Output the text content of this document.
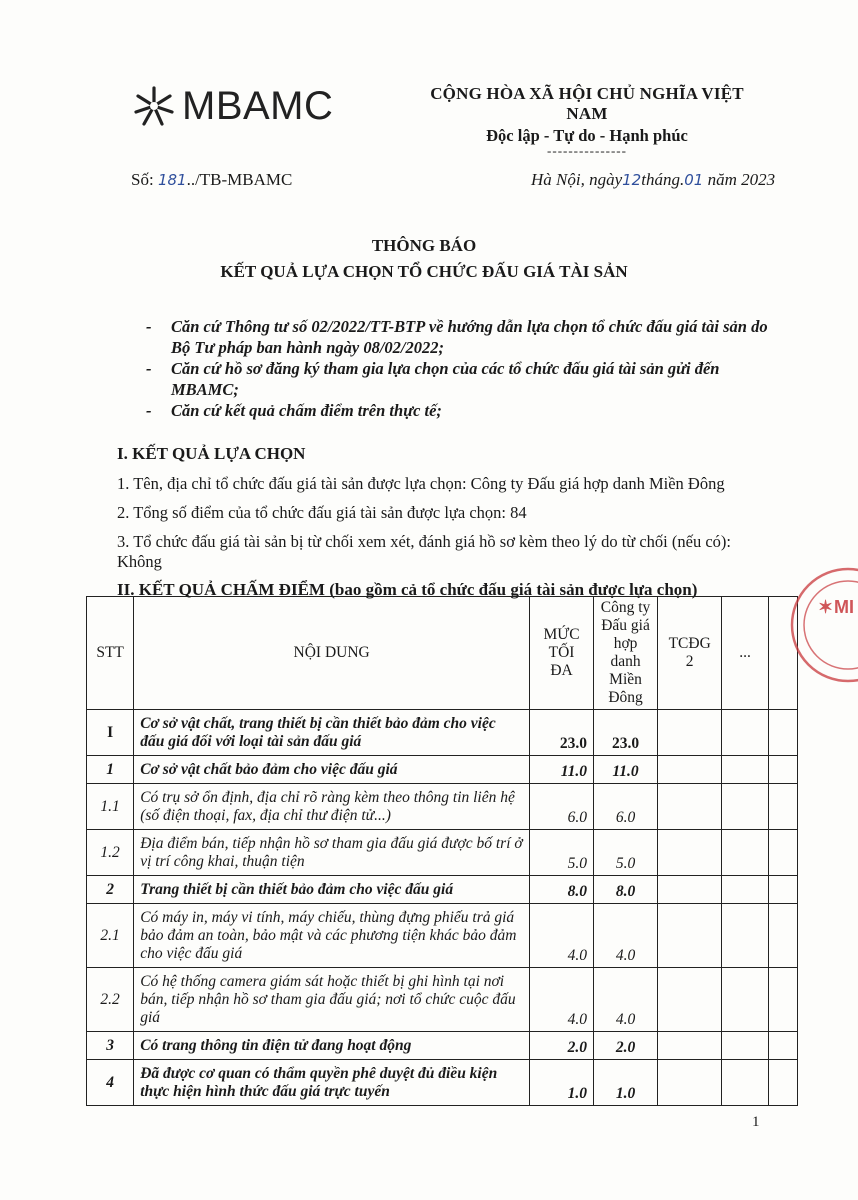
MBAMC	CỘNG HÒA XÃ HỘI CHỦ NGHĨA VIỆT NAM
Độc lập - Tự do - Hạnh phúc
---------------
Số: 181../TB-MBAMC	Hà Nội, ngày12tháng.01 năm 2023
THÔNG BÁO
KẾT QUẢ LỰA CHỌN TỔ CHỨC ĐẤU GIÁ TÀI SẢN
-	Căn cứ Thông tư số 02/2022/TT-BTP về hướng dẫn lựa chọn tổ chức đấu giá tài sản do Bộ Tư pháp ban hành ngày 08/02/2022;
-	Căn cứ hồ sơ đăng ký tham gia lựa chọn của các tổ chức đấu giá tài sản gửi đến MBAMC;
-	Căn cứ kết quả chấm điểm trên thực tế;
I. KẾT QUẢ LỰA CHỌN
1. Tên, địa chỉ tổ chức đấu giá tài sản được lựa chọn: Công ty Đấu giá hợp danh Miền Đông
2. Tổng số điểm của tổ chức đấu giá tài sản được lựa chọn: 84
3. Tổ chức đấu giá tài sản bị từ chối xem xét, đánh giá hồ sơ kèm theo lý do từ chối (nếu có): Không
II. KẾT QUẢ CHẤM ĐIỂM (bao gồm cả tổ chức đấu giá tài sản được lựa chọn)
STT	NỘI DUNG	MỨC TỐI ĐA	Công ty Đấu giá hợp danh Miền Đông	TCĐG 2	...	
I	Cơ sở vật chất, trang thiết bị cần thiết bảo đảm cho việc đấu giá đối với loại tài sản đấu giá	23.0	23.0			
1	Cơ sở vật chất bảo đảm cho việc đấu giá	11.0	11.0			
1.1	Có trụ sở ổn định, địa chỉ rõ ràng kèm theo thông tin liên hệ (số điện thoại, fax, địa chỉ thư điện tử...)	6.0	6.0			
1.2	Địa điểm bán, tiếp nhận hồ sơ tham gia đấu giá được bố trí ở vị trí công khai, thuận tiện	5.0	5.0			
2	Trang thiết bị cần thiết bảo đảm cho việc đấu giá	8.0	8.0			
2.1	Có máy in, máy vi tính, máy chiếu, thùng đựng phiếu trả giá bảo đảm an toàn, bảo mật và các phương tiện khác bảo đảm cho việc đấu giá	4.0	4.0			
2.2	Có hệ thống camera giám sát hoặc thiết bị ghi hình tại nơi bán, tiếp nhận hồ sơ tham gia đấu giá; nơi tổ chức cuộc đấu giá	4.0	4.0			
3	Có trang thông tin điện tử đang hoạt động	2.0	2.0			
4	Đã được cơ quan có thẩm quyền phê duyệt đủ điều kiện thực hiện hình thức đấu giá trực tuyến	1.0	1.0			
✶ MI
1
